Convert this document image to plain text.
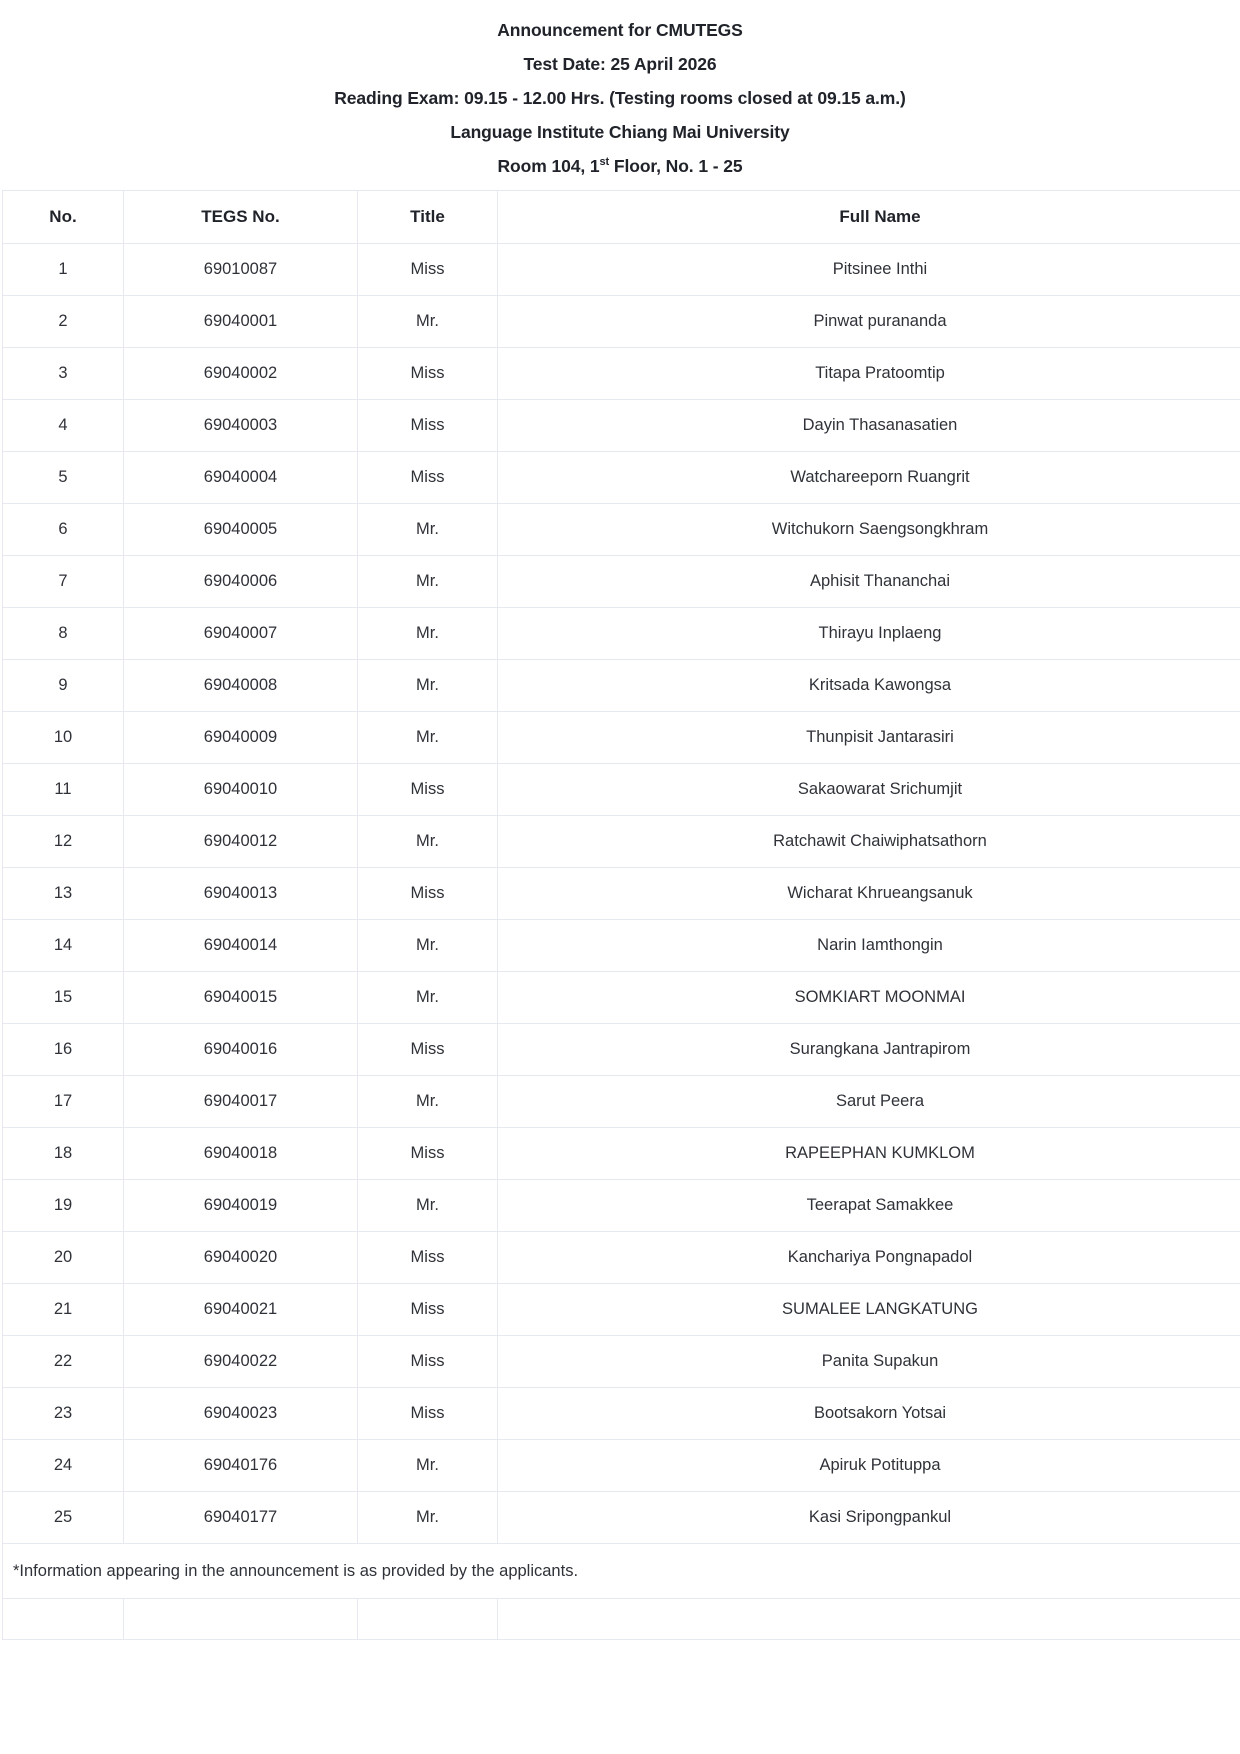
Announcement for CMUTEGS
Test Date: 25 April 2026
Reading Exam: 09.15 - 12.00 Hrs. (Testing rooms closed at 09.15 a.m.)
Language Institute Chiang Mai University
Room 104, 1st Floor, No. 1 - 25
No.	TEGS No.	Title	Full Name
1	69010087	Miss	Pitsinee Inthi
2	69040001	Mr.	Pinwat purananda
3	69040002	Miss	Titapa Pratoomtip
4	69040003	Miss	Dayin Thasanasatien
5	69040004	Miss	Watchareeporn Ruangrit
6	69040005	Mr.	Witchukorn Saengsongkhram
7	69040006	Mr.	Aphisit Thananchai
8	69040007	Mr.	Thirayu Inplaeng
9	69040008	Mr.	Kritsada Kawongsa
10	69040009	Mr.	Thunpisit Jantarasiri
11	69040010	Miss	Sakaowarat Srichumjit
12	69040012	Mr.	Ratchawit Chaiwiphatsathorn
13	69040013	Miss	Wicharat Khrueangsanuk
14	69040014	Mr.	Narin Iamthongin
15	69040015	Mr.	SOMKIART MOONMAI
16	69040016	Miss	Surangkana Jantrapirom
17	69040017	Mr.	Sarut Peera
18	69040018	Miss	RAPEEPHAN KUMKLOM
19	69040019	Mr.	Teerapat Samakkee
20	69040020	Miss	Kanchariya Pongnapadol
21	69040021	Miss	SUMALEE LANGKATUNG
22	69040022	Miss	Panita Supakun
23	69040023	Miss	Bootsakorn Yotsai
24	69040176	Mr.	Apiruk Potituppa
25	69040177	Mr.	Kasi Sripongpankul
*Information appearing in the announcement is as provided by the applicants.			
